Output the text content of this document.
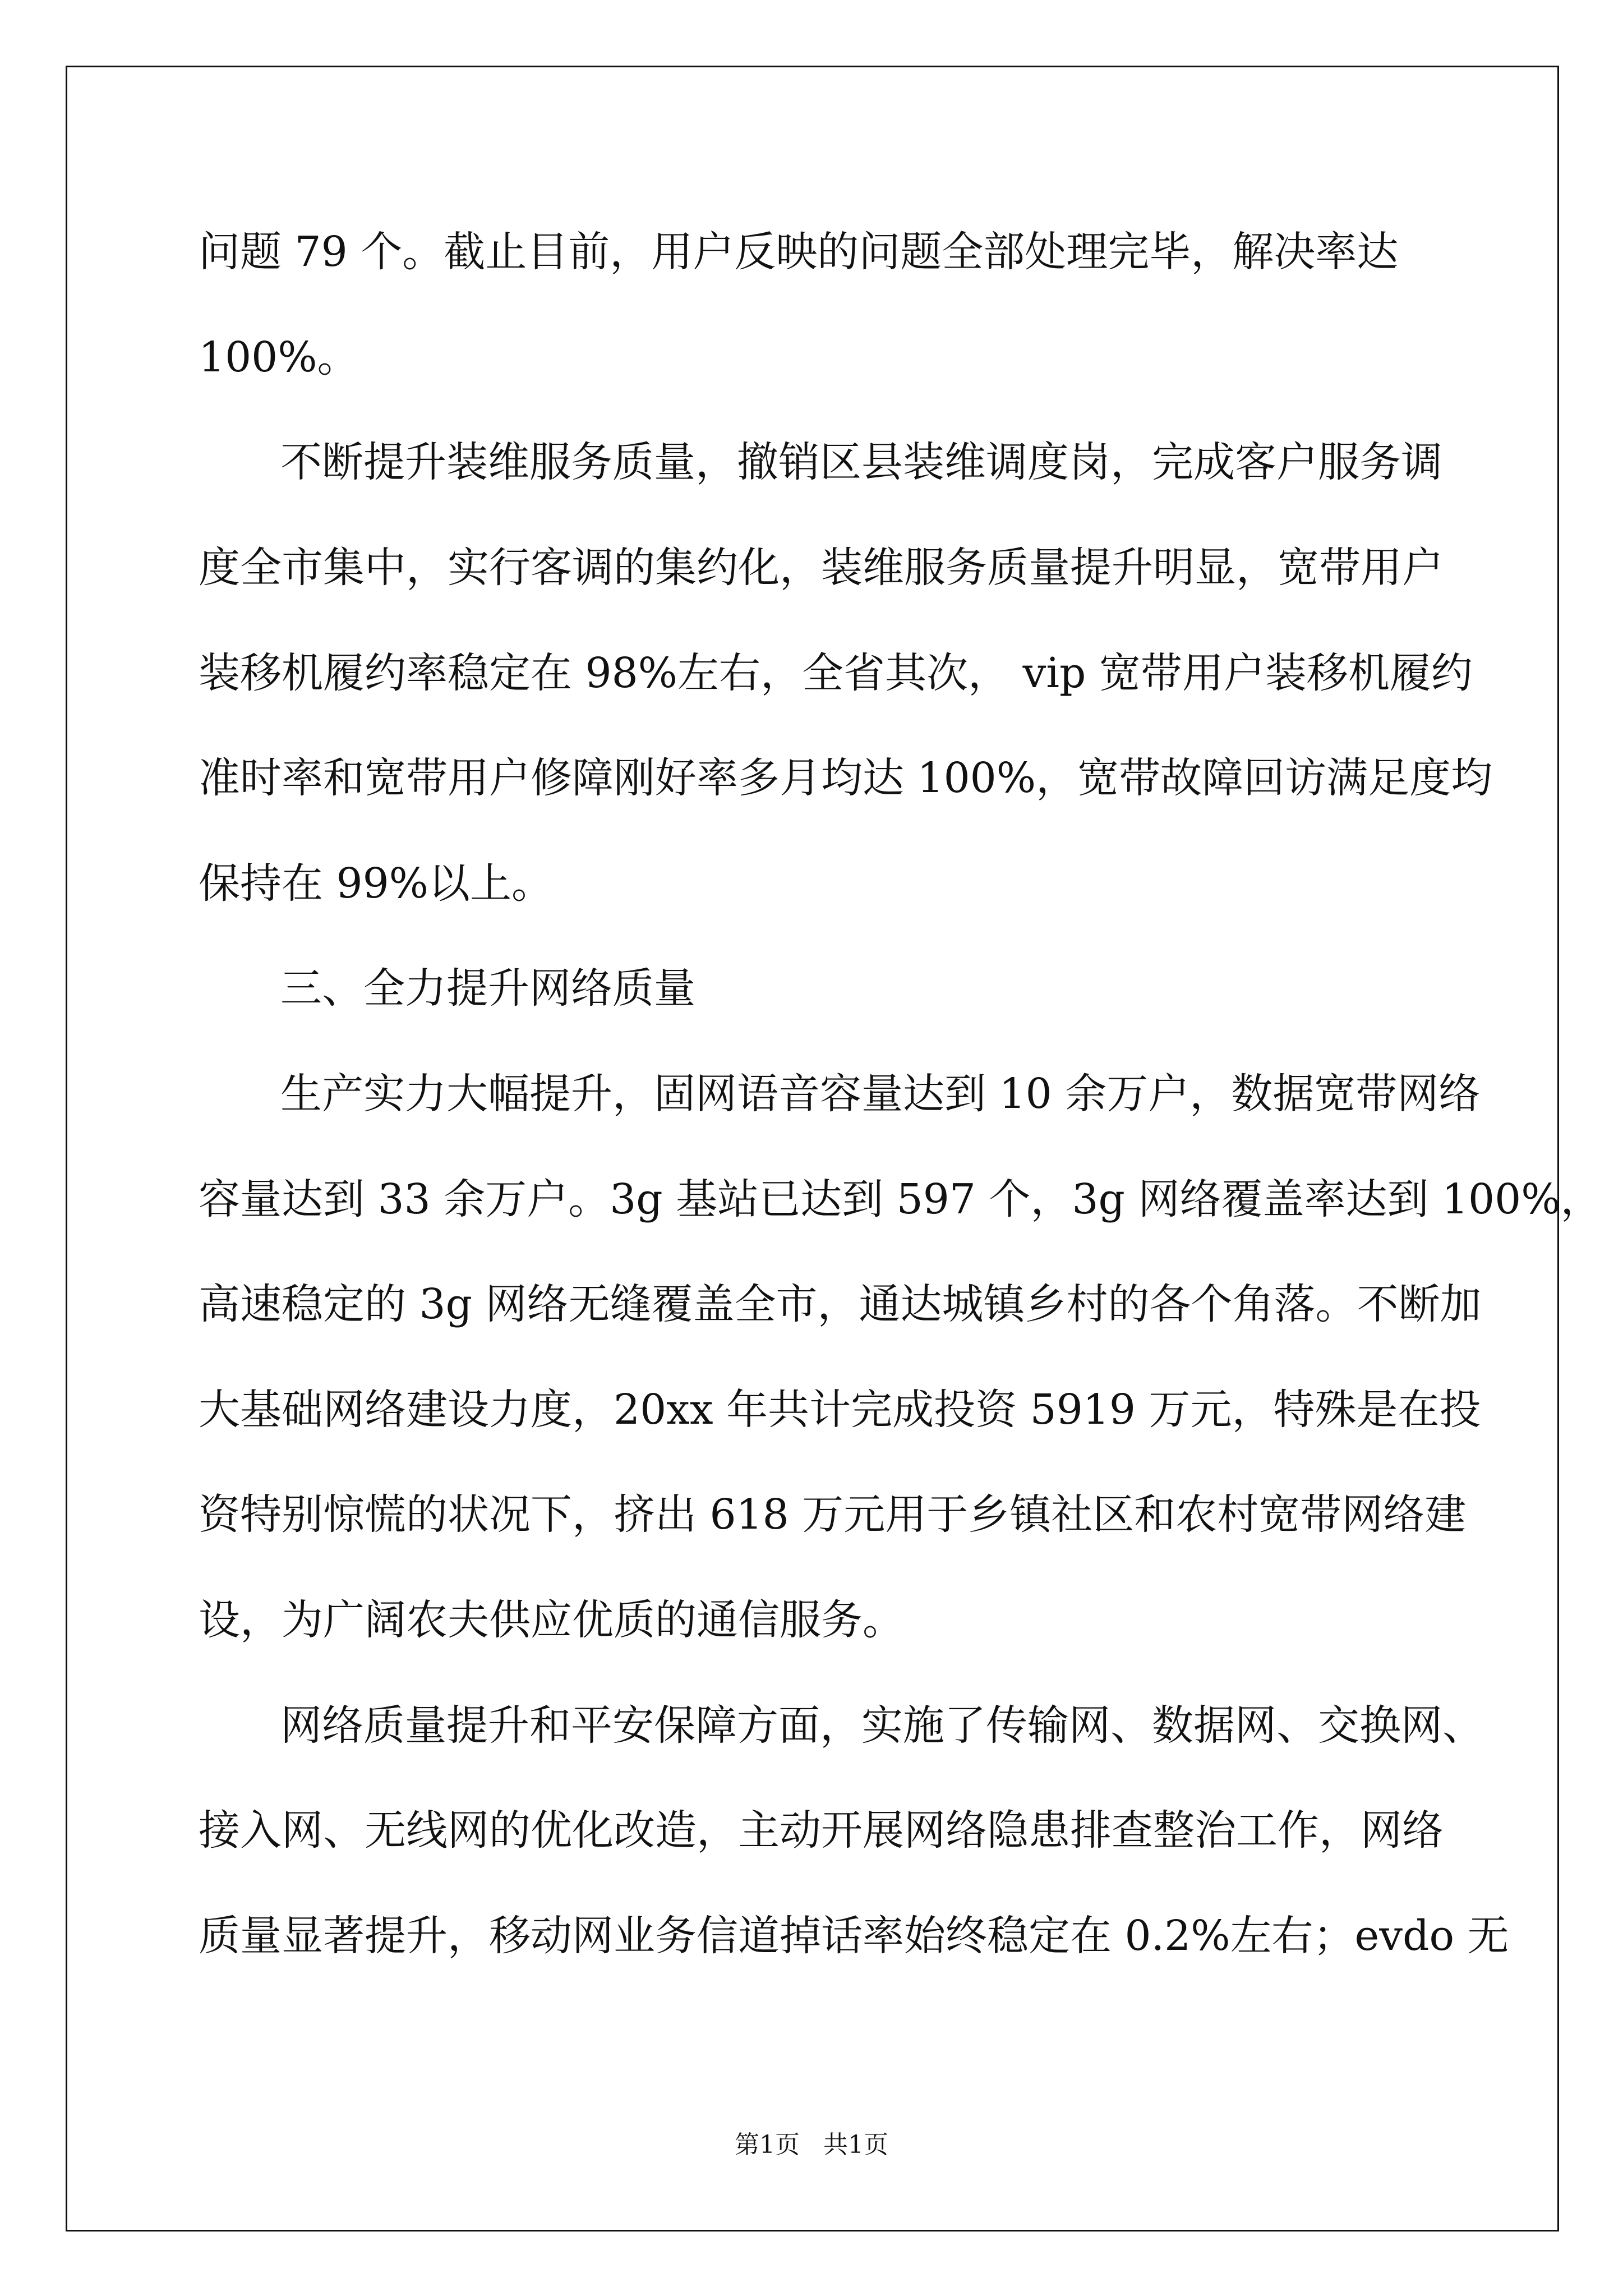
问题 79 个。截止目前，用户反映的问题全部处理完毕，解决率达
100%。
不断提升装维服务质量，撤销区县装维调度岗，完成客户服务调
度全市集中，实行客调的集约化，装维服务质量提升明显，宽带用户
装移机履约率稳定在 98%左右，全省其次， vip 宽带用户装移机履约
准时率和宽带用户修障刚好率多月均达 100%，宽带故障回访满足度均
保持在 99%以上。
三、全力提升网络质量
生产实力大幅提升，固网语音容量达到 10 余万户，数据宽带网络
容量达到 33 余万户。3g 基站已达到 597 个，3g 网络覆盖率达到 100%，
高速稳定的 3g 网络无缝覆盖全市，通达城镇乡村的各个角落。不断加
大基础网络建设力度，20xx 年共计完成投资 5919 万元，特殊是在投
资特别惊慌的状况下，挤出 618 万元用于乡镇社区和农村宽带网络建
设，为广阔农夫供应优质的通信服务。
网络质量提升和平安保障方面，实施了传输网、数据网、交换网、
接入网、无线网的优化改造，主动开展网络隐患排查整治工作，网络
质量显著提升，移动网业务信道掉话率始终稳定在 0.2%左右；evdo 无
第1页   共1页
